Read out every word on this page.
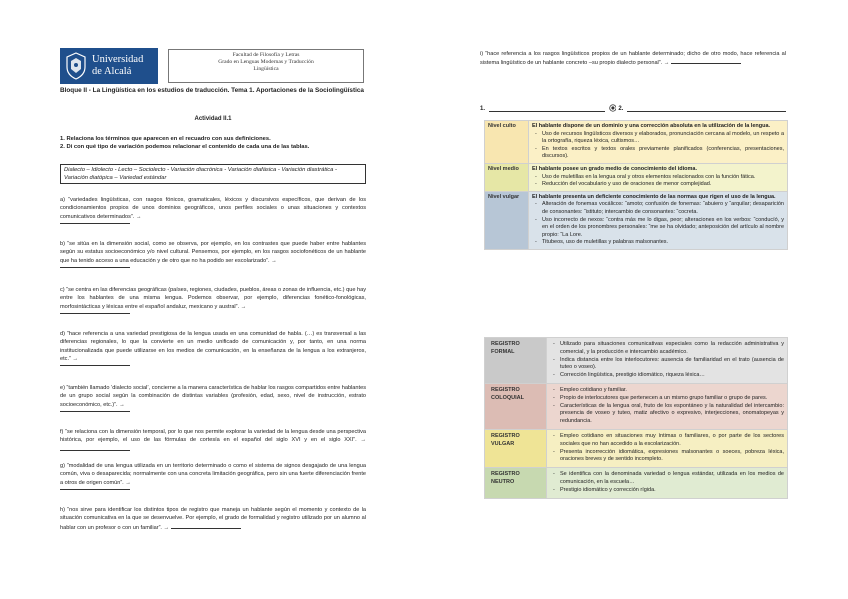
Universidad
de Alcalá
Facultad de Filosofía y Letras
Grado en Lenguas Modernas y Traducción
Lingüística
Bloque II - La Lingüística en los estudios de traducción. Tema 1. Aportaciones de la Sociolingüística
Actividad II.1
1. Relaciona los términos que aparecen en el recuadro con sus definiciones.
2. Di con qué tipo de variación podemos relacionar el contenido de cada una de las tablas.
Dialecto – Idiolecto - Lecto – Sociolecto - Variación diacrónica - Variación diafásica - Variación diastrática - Variación diatópica – Variedad estándar
a) “variedades lingüísticas, con rasgos fónicos, gramaticales, léxicos y discursivos específicos, que derivan de los condicionamientos propios de unos dominios geográficos, unos perfiles sociales o unas situaciones y contextos comunicativos determinados”. →
b) “se sitúa en la dimensión social, como se observa, por ejemplo, en los contrastes que puede haber entre hablantes según su estatus socioeconómico y/o nivel cultural. Pensemos, por ejemplo, en los rasgos sociofonéticos de un hablante que ha tenido acceso a una educación y de otro que no ha podido ser escolarizado”. →
c) “se centra en las diferencias geográficas (países, regiones, ciudades, pueblos, áreas o zonas de influencia, etc.) que hay entre los hablantes de una misma lengua. Podemos observar, por ejemplo, diferencias fonético-fonológicas, morfosintácticas y léxicas entre el español andaluz, mexicano y austral”. →
d) “hace referencia a una variedad prestigiosa de la lengua usada en una comunidad de habla. (…) es transversal a las diferencias regionales, lo que la convierte en un medio unificado de comunicación y, por tanto, en una norma institucionalizada que puede utilizarse en los medios de comunicación, en la enseñanza de la lengua a los extranjeros, etc.” →
e) “también llamado ‘dialecto social’, concierne a la manera característica de hablar los rasgos compartidos entre hablantes de un grupo social según la combinación de distintas variables (profesión, edad, sexo, nivel de instrucción, estrato socioeconómico, etc.)”. →
f) “se relaciona con la dimensión temporal, por lo que nos permite explorar la variedad de la lengua desde una perspectiva histórica, por ejemplo, el uso de las fórmulas de cortesía en el español del siglo XVI y en el siglo XXI”. →
g) “modalidad de una lengua utilizada en un territorio determinado o como el sistema de signos desgajado de una lengua común, viva o desaparecida; normalmente con una concreta limitación geográfica, pero sin una fuerte diferenciación frente a otros de origen común”. →
h) “nos sirve para identificar los distintos tipos de registro que maneja un hablante según el momento y contexto de la situación comunicativa en la que se desenvuelve. Por ejemplo, el grado de formalidad y registro utilizado por un alumno al hablar con un profesor o con un familiar”. →
i) “hace referencia a los rasgos lingüísticos propios de un hablante determinado; dicho de otro modo, hace referencia al sistema lingüístico de un hablante concreto –su propio dialecto personal”. →
1.	2.
Nivel culto	El hablante dispone de un dominio y una corrección absoluta en la utilización de la lengua.
- Uso de recursos lingüísticos diversos y elaborados, pronunciación cercana al modelo, un respeto a la ortografía, riqueza léxica, cultismos…
- En textos escritos y textos orales previamente planificados (conferencias, presentaciones, discursos).

Nivel medio	El hablante posee un grado medio de conocimiento del idioma.
- Uso de muletillas en la lengua oral y otros elementos relacionados con la función fática.
- Reducción del vocabulario y uso de oraciones de menor complejidad.

Nivel vulgar	El hablante presenta un deficiente conocimiento de las normas que rigen el uso de la lengua.
- Alteración de fonemas vocálicos: “amoto; confusión de fonemas: “abuiero y “arquilar; desaparición de consonantes: “istituto; intercambio de consonantes: “cocreta.
- Uso incorrecto de nexos: “contra más me lo digas, peor; alteraciones en los verbos: “conducíó, y en el orden de los pronombres personales: “me se ha olvidado; anteposición del artículo al nombre propio: “La Lore.
- Titubeos, uso de muletillas y palabras malsonantes.
REGISTRO FORMAL	- Utilizado para situaciones comunicativas especiales como la redacción administrativa y comercial, y la producción e intercambio académico.
- Indica distancia entre los interlocutores: ausencia de familiaridad en el trato (ausencia de tuteo o voseo).
- Corrección lingüística, prestigio idiomático, riqueza léxica…

REGISTRO COLOQUIAL	- Empleo cotidiano y familiar.
- Propio de interlocutores que pertenecen a un mismo grupo familiar o grupo de pares.
- Características de la lengua oral, fruto de los espontáneo y la naturalidad del intercambio: presencia de voseo y tuteo, matiz afectivo o expresivo, interjecciones, onomatopeyas y redundancia.

REGISTRO VULGAR	- Empleo cotidiano en situaciones muy íntimas o familiares, o por parte de los sectores sociales que no han accedido a la escolarización.
- Presenta incorrección idiomática, expresiones malsonantes o soeces, pobreza léxica, oraciones breves y de sentido incompleto.

REGISTRO NEUTRO	- Se identifica con la denominada variedad o lengua estándar, utilizada en los medios de comunicación, en la escuela…
- Prestigio idiomático y corrección rígida.
